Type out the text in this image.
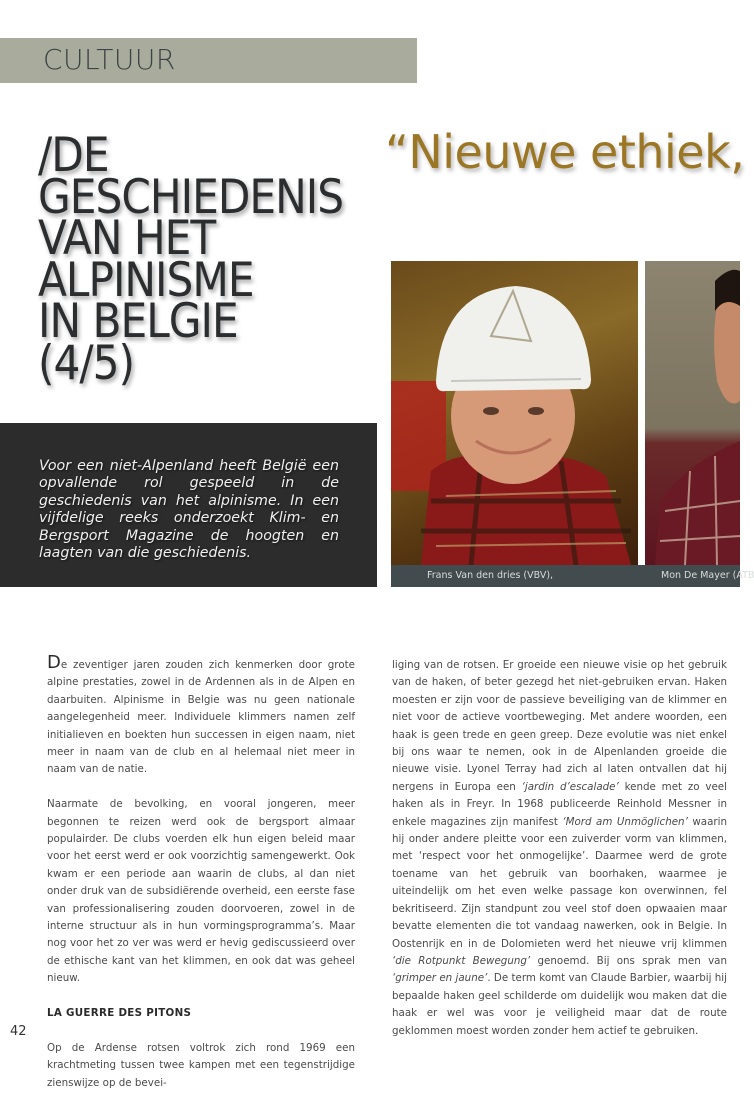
CULTUUR
/DE
GESCHIEDENIS
VAN HET
ALPINISME
IN BELGIE
(4/5)
“Nieuwe ethiek,
Voor een niet-Alpenland heeft België een opvallende rol gespeeld in de geschiedenis van het alpinisme. In een vijfdelige reeks onderzoekt Klim- en Bergsport Magazine de hoogten en laagten van die geschiedenis.
Frans Van den dries (VBV),	Mon De Mayer (ATB

De zeventiger jaren zouden zich kenmerken door grote alpine prestaties, zowel in de Ardennen als in de Alpen en daarbuiten. Alpinisme in Belgie was nu geen nationale aangelegenheid meer. Individuele klimmers namen zelf initialieven en boekten hun successen in eigen naam, niet meer in naam van de club en al helemaal niet meer in naam van de natie.

Naarmate de bevolking, en vooral jongeren, meer begonnen te reizen werd ook de bergsport almaar populairder. De clubs voerden elk hun eigen beleid maar voor het eerst werd er ook voorzichtig samengewerkt. Ook kwam er een periode aan waarin de clubs, al dan niet onder druk van de subsidiërende overheid, een eerste fase van professionalisering zouden doorvoeren, zowel in de interne structuur als in hun vormingsprogramma’s. Maar nog voor het zo ver was werd er hevig gediscussieerd over de ethische kant van het klimmen, en ook dat was geheel nieuw.

LA GUERRE DES PITONS

Op de Ardense rotsen voltrok zich rond 1969 een krachtmeting tussen twee kampen met een tegenstrijdige zienswijze op de bevei-

liging van de rotsen. Er groeide een nieuwe visie op het gebruik van de haken, of beter gezegd het niet-gebruiken ervan. Haken moesten er zijn voor de passieve beveiliging van de klimmer en niet voor de actieve voortbeweging. Met andere woorden, een haak is geen trede en geen greep. Deze evolutie was niet enkel bij ons waar te nemen, ook in de Alpenlanden groeide die nieuwe visie. Lyonel Terray had zich al laten ontvallen dat hij nergens in Europa een ‘jardin d’escalade’ kende met zo veel haken als in Freyr. In 1968 publiceerde Reinhold Messner in enkele magazines zijn manifest ‘Mord am Unmöglichen’ waarin hij onder andere pleitte voor een zuiverder vorm van klimmen, met ‘respect voor het onmogelijke’. Daarmee werd de grote toename van het gebruik van boorhaken, waarmee je uiteindelijk om het even welke passage kon overwinnen, fel bekritiseerd. Zijn standpunt zou veel stof doen opwaaien maar bevatte elementen die tot vandaag nawerken, ook in Belgie. In Oostenrijk en in de Dolomieten werd het nieuwe vrij klimmen ‘die Rotpunkt Bewegung’ genoemd. Bij ons sprak men van ‘grimper en jaune’. De term komt van Claude Barbier, waarbij hij bepaalde haken geel schilderde om duidelijk wou maken dat die haak er wel was voor je veiligheid maar dat de route geklommen moest worden zonder hem actief te gebruiken.

42
